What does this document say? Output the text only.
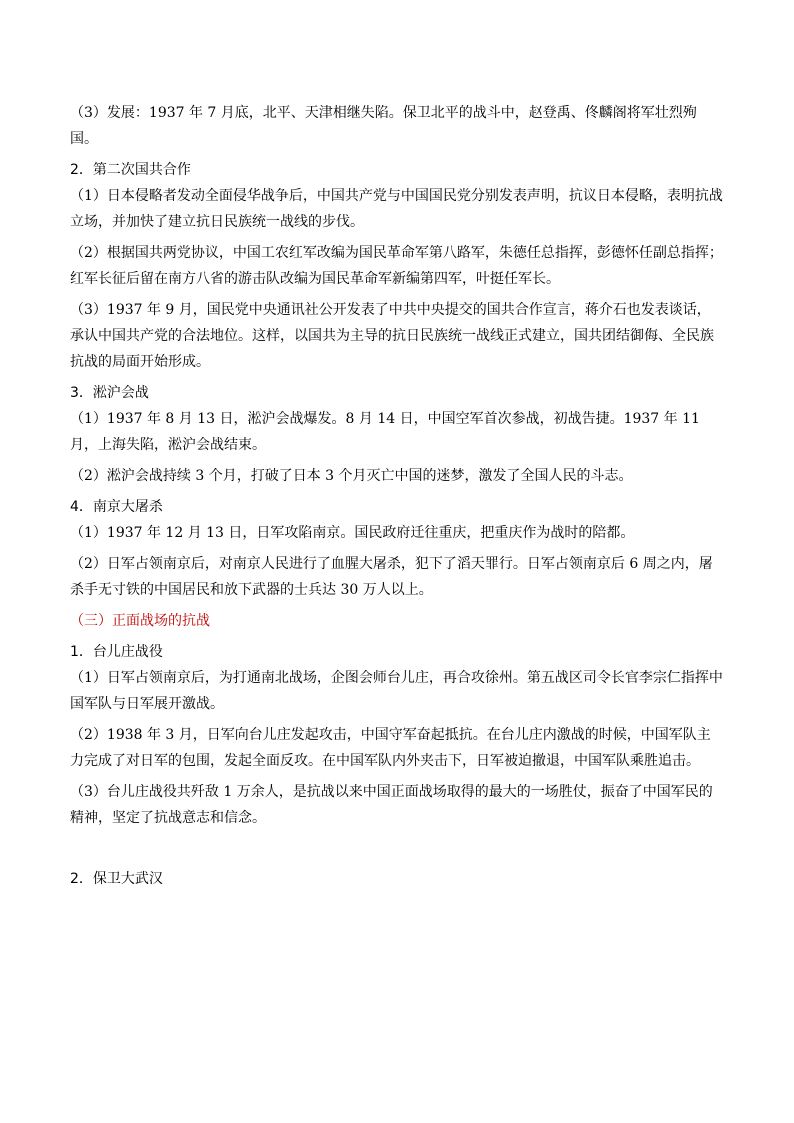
（3）发展：1937 年 7 月底，北平、天津相继失陷。保卫北平的战斗中，赵登禹、佟麟阁将军壮烈殉国。

2．第二次国共合作

（1）日本侵略者发动全面侵华战争后，中国共产党与中国国民党分别发表声明，抗议日本侵略，表明抗战立场，并加快了建立抗日民族统一战线的步伐。

（2）根据国共两党协议，中国工农红军改编为国民革命军第八路军，朱德任总指挥，彭德怀任副总指挥；红军长征后留在南方八省的游击队改编为国民革命军新编第四军，叶挺任军长。

（3）1937 年 9 月，国民党中央通讯社公开发表了中共中央提交的国共合作宣言，蒋介石也发表谈话，承认中国共产党的合法地位。这样，以国共为主导的抗日民族统一战线正式建立，国共团结御侮、全民族抗战的局面开始形成。

3．淞沪会战

（1）1937 年 8 月 13 日，淞沪会战爆发。8 月 14 日，中国空军首次参战，初战告捷。1937 年 11 月，上海失陷，淞沪会战结束。

（2）淞沪会战持续 3 个月，打破了日本 3 个月灭亡中国的迷梦，激发了全国人民的斗志。

4．南京大屠杀

（1）1937 年 12 月 13 日，日军攻陷南京。国民政府迁往重庆，把重庆作为战时的陪都。

（2）日军占领南京后，对南京人民进行了血腥大屠杀，犯下了滔天罪行。日军占领南京后 6 周之内，屠杀手无寸铁的中国居民和放下武器的士兵达 30 万人以上。

（三）正面战场的抗战

1．台儿庄战役

（1）日军占领南京后，为打通南北战场，企图会师台儿庄，再合攻徐州。第五战区司令长官李宗仁指挥中国军队与日军展开激战。

（2）1938 年 3 月，日军向台儿庄发起攻击，中国守军奋起抵抗。在台儿庄内激战的时候，中国军队主力完成了对日军的包围，发起全面反攻。在中国军队内外夹击下，日军被迫撤退，中国军队乘胜追击。

（3）台儿庄战役共歼敌 1 万余人，是抗战以来中国正面战场取得的最大的一场胜仗，振奋了中国军民的精神，坚定了抗战意志和信念。

2．保卫大武汉
